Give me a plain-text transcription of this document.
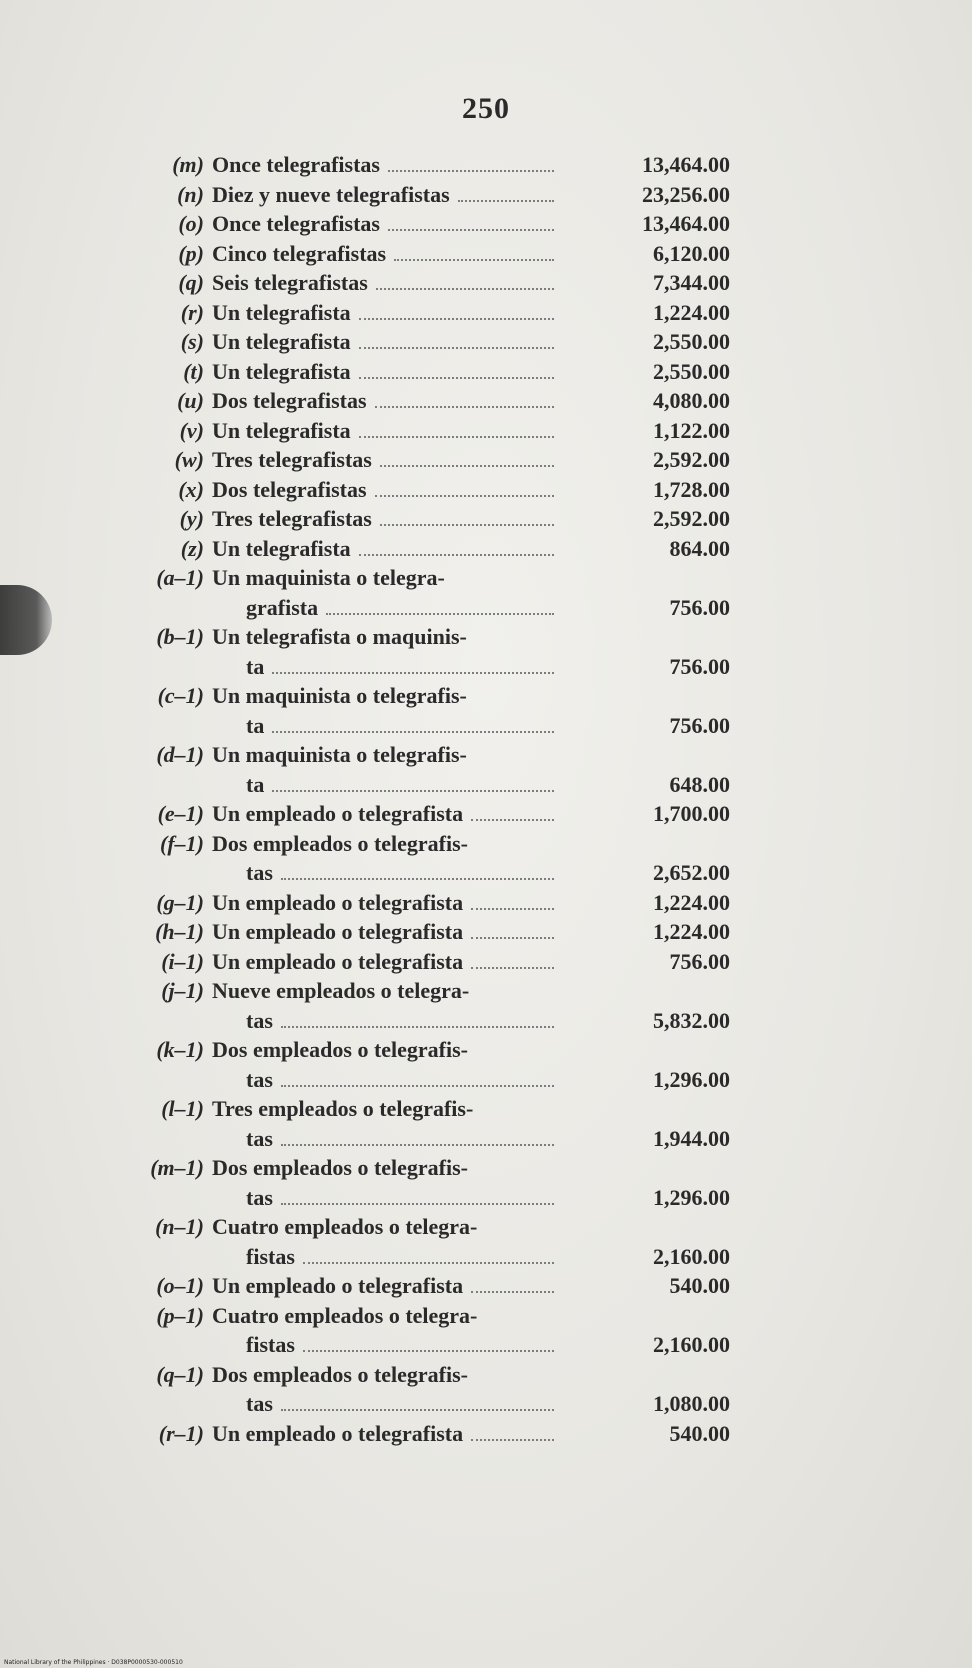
250
(m) Once telegrafistas	13,464.00
(n) Diez y nueve telegrafistas	23,256.00
(o) Once telegrafistas	13,464.00
(p) Cinco telegrafistas	6,120.00
(q) Seis telegrafistas	7,344.00
(r) Un telegrafista	1,224.00
(s) Un telegrafista	2,550.00
(t) Un telegrafista	2,550.00
(u) Dos telegrafistas	4,080.00
(v) Un telegrafista	1,122.00
(w) Tres telegrafistas	2,592.00
(x) Dos telegrafistas	1,728.00
(y) Tres telegrafistas	2,592.00
(z) Un telegrafista	864.00
(a–1) Un maquinista o telegra-
grafista	756.00
(b–1) Un telegrafista o maquinis-
ta	756.00
(c–1) Un maquinista o telegrafis-
ta	756.00
(d–1) Un maquinista o telegrafis-
ta	648.00
(e–1) Un empleado o telegrafista	1,700.00
(f–1) Dos empleados o telegrafis-
tas	2,652.00
(g–1) Un empleado o telegrafista	1,224.00
(h–1) Un empleado o telegrafista	1,224.00
(i–1) Un empleado o telegrafista	756.00
(j–1) Nueve empleados o telegra-
tas	5,832.00
(k–1) Dos empleados o telegrafis-
tas	1,296.00
(l–1) Tres empleados o telegrafis-
tas	1,944.00
(m–1) Dos empleados o telegrafis-
tas	1,296.00
(n–1) Cuatro empleados o telegra-
fistas	2,160.00
(o–1) Un empleado o telegrafista	540.00
(p–1) Cuatro empleados o telegra-
fistas	2,160.00
(q–1) Dos empleados o telegrafis-
tas	1,080.00
(r–1) Un empleado o telegrafista	540.00
National Library of the Philippines · D038P0000530-000510
